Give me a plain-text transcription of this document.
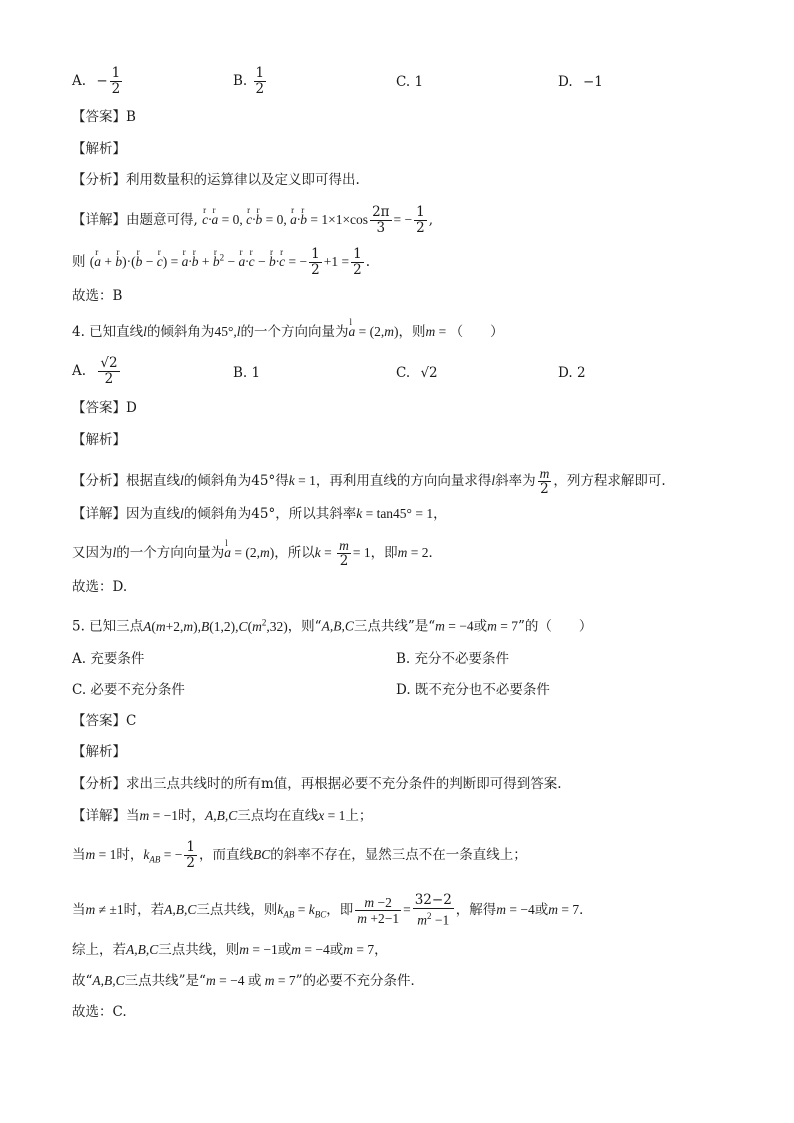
A. − $\frac{1}{2}$	B. $\frac{1}{2}$	C. 1	D. −1
【答案】B
【解析】
【分析】利用数量积的运算律以及定义即可得出.
【详解】由题意可得, r c·r a = 0, r c·r b = 0, r a·r $b = 1\times 1\times\cos \frac{2\pi}{3}$ = − $\frac{1}{2}$ ,
则 (r a + r b)·(r b − r c) = r a·r b + r $b^2 - r$ a·r c − r b·r c = − $\frac{1}{2} +1 = \frac{1}{2}$ .
故选：B
4. 已知直线l的倾斜角为45°,l的一个方向向量为l a = (2,m)，则m = （　　）
A. $\frac{√2}{2}$	B. 1	C. √2	D. 2
【答案】D
【解析】
【分析】根据直线l的倾斜角为45°得k = 1，再利用直线的方向向量求得l斜率为 $\frac{m}{2}$ ，列方程求解即可.
【详解】因为直线l的倾斜角为45°，所以其斜率k = tan45° = 1，
又因为l的一个方向向量为l a = (2,m)，所以$k = \frac{m}{2} = 1$，即m = 2．
故选：D.
5. 已知三点$A(m+2,m),B(1,2),C(m^2,32)$，则“A,B,C三点共线”是“m = −4或m = 7”的（　　）
A. 充要条件	B. 充分不必要条件
C. 必要不充分条件	D. 既不充分也不必要条件
【答案】C
【解析】
【分析】求出三点共线时的所有m值，再根据必要不充分条件的判断即可得到答案.
【详解】当m = −1时，A,B,C三点均在直线x = 1上；
当m = 1时，$k_{AB}$ = − $\frac{1}{2}$ ，而直线BC的斜率不存在，显然三点不在一条直线上；
当m ≠ ±1时，若A,B,C三点共线，则$k_{AB} = k_{BC}$，即 $\frac{m -2}{m +2-1} = \frac{32-2}{m^2 -1}$ ，解得m = −4或m = 7．
综上，若A,B,C三点共线，则m = −1或m = −4或m = 7，
故“A,B,C三点共线”是“m = −4 或 m = 7”的必要不充分条件．
故选：C.
